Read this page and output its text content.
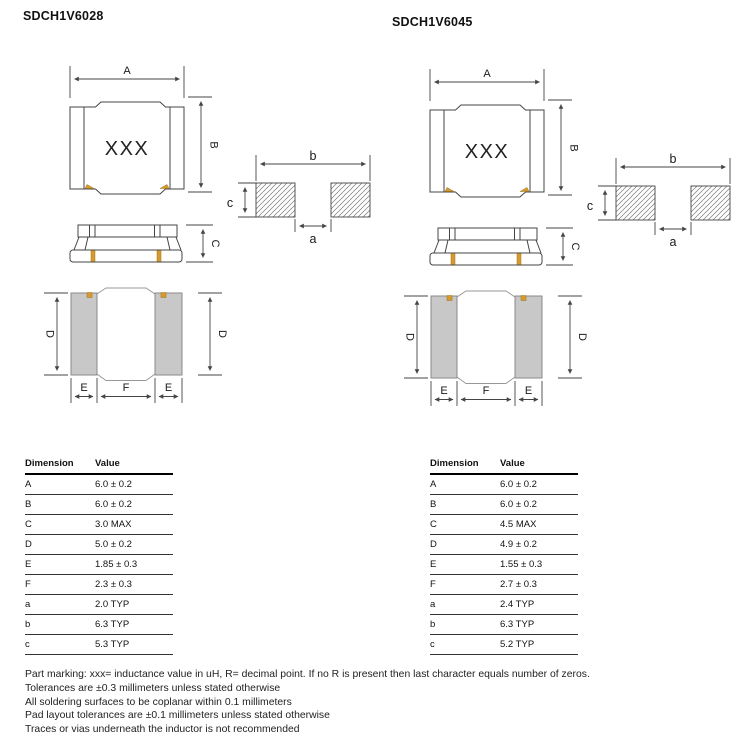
SDCH1V6028	SDCH1V6045
Dimension	Value
A	6.0 ± 0.2
B	6.0 ± 0.2
C	3.0 MAX
D	5.0 ± 0.2
E	1.85 ± 0.3
F	2.3 ± 0.3
a	2.0 TYP
b	6.3 TYP
c	5.3 TYP
Dimension	Value
A	6.0 ± 0.2
B	6.0 ± 0.2
C	4.5 MAX
D	4.9 ± 0.2
E	1.55 ± 0.3
F	2.7 ± 0.3
a	2.4 TYP
b	6.3 TYP
c	5.2 TYP

Part marking: xxx= inductance value in uH, R= decimal point. If no R is present then last character equals number of zeros.

Tolerances are ±0.3 millimeters unless stated otherwise

All soldering surfaces to be coplanar within 0.1 millimeters

Pad layout tolerances are ±0.1 millimeters unless stated otherwise

Traces or vias underneath the inductor is not recommended
